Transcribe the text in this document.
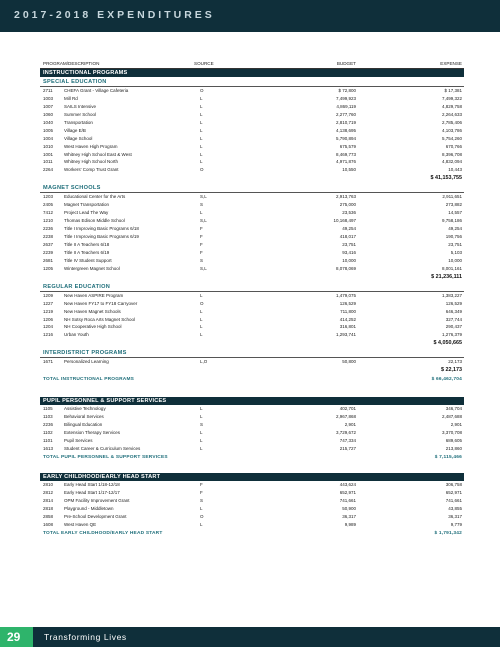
2017-2018 EXPENDITURES
PROGRAM/DESCRIPTION	SOURCE	BUDGET	EXPENSE
INSTRUCTIONAL PROGRAMS
SPECIAL EDUCATION
2711	CHEFA Grant - Village Cafeteria	O	$ 72,800	$ 17,381
1003	Mill Rd	L	7,499,923	7,499,322
1007	SAILS Intensive	L	4,869,119	4,829,758
1060	Summer School	L	2,277,760	2,264,633
1040	Transportation	L	2,810,719	2,785,406
1005	Village E/B	L	4,138,695	4,103,786
1004	Village School	L	5,790,894	5,754,260
1010	West Haven High Program	L	675,579	670,766
1001	Whitney High School East & West	L	8,469,773	8,396,708
1011	Whitney High School North	L	4,971,876	4,832,094
2264	Workers' Comp Trust Grant	O	10,550	10,443
$ 41,153,755
MAGNET SCHOOLS
1203	Educational Center for the Arts	S,L	2,913,763	2,911,651
2405	Magnet Transportation	S	275,000	273,882
7412	Project Lead The Way	L	23,536	14,557
1210	Thomas Edison Middle School	S,L	10,168,497	9,758,186
2236	Title I Improving Basic Programs 6/18	F	49,254	49,254
2238	Title I Improving Basic Programs 6/19	F	418,017	190,756
2637	Title II A Teachers 6/18	F	23,751	23,751
2239	Title II A Teachers 6/19	F	93,416	5,103
2681	Title IV Student Support	S	10,000	10,000
1205	Wintergreen Magnet School	S,L	8,078,069	8,001,161
$ 21,236,111
REGULAR EDUCATION
1209	New Haven ASPIRE Program	L	1,479,075	1,383,227
1227	New Haven FY17 to FY18 Carryover	O	126,529	126,529
1219	New Haven Magnet Schools	L	711,800	646,349
1206	NH Sotsy Roca Arts Magnet School	L	414,252	327,744
1204	NH Cooperative High School	L	316,801	290,437
1216	Urban Youth	L	1,293,741	1,276,379
$ 4,050,665
INTERDISTRICT PROGRAMS
1671	Personalized Learning	L,O	50,800	22,173
$ 22,173
TOTAL INSTRUCTIONAL PROGRAMS	$ 66,462,704
PUPIL PERSONNEL & SUPPORT SERVICES
1105	Assistive Technology	L	402,701	346,704
1103	Behavioral Services	L	2,967,868	2,487,688
2236	Bilingual Education	S	2,901	2,901
1102	Extension Therapy Services	L	3,729,672	3,370,708
1101	Pupil Services	L	747,334	689,605
1613	Student Career & Curriculum Services	L	215,727	213,860
TOTAL PUPIL PERSONNEL & SUPPORT SERVICES	$ 7,115,466
EARLY CHILDHOOD/EARLY HEAD START
2810	Early Head Start 1/18-12/18	F	443,624	306,758
2812	Early Head Start 1/17-12/17	F	652,971	652,971
2814	OPM Facility Improvement Grant	S	741,661	741,661
2818	Playground - Middletown	L	50,900	43,855
2858	Pre-School Development Grant	O	36,317	36,317
1608	West Haven QE	L	9,989	9,779
TOTAL EARLY CHILDHOOD/EARLY HEAD START	$ 1,791,342
29	Transforming Lives
